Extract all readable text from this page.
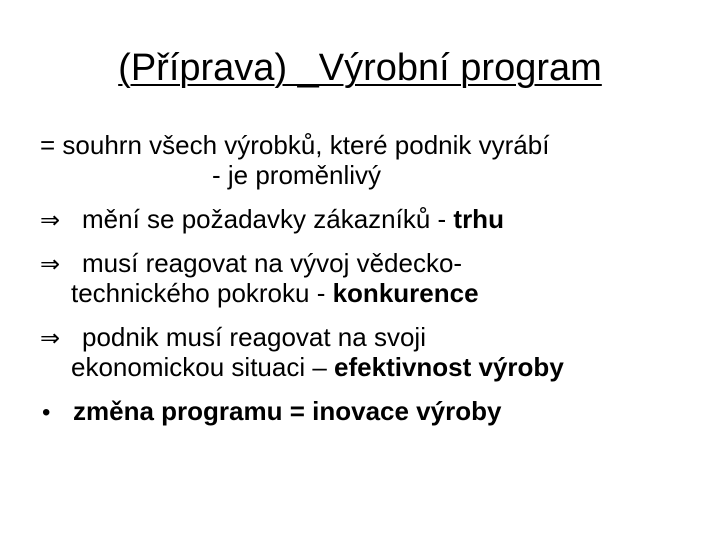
(Příprava) _Výrobní program
= souhrn všech výrobků, které podnik vyrábí
- je proměnlivý
⇒ mění se požadavky zákazníků - trhu
⇒ musí reagovat na vývoj vědecko-
technického pokroku - konkurence
⇒ podnik musí reagovat na svoji
ekonomickou situaci – efektivnost výroby
• změna programu = inovace výroby
